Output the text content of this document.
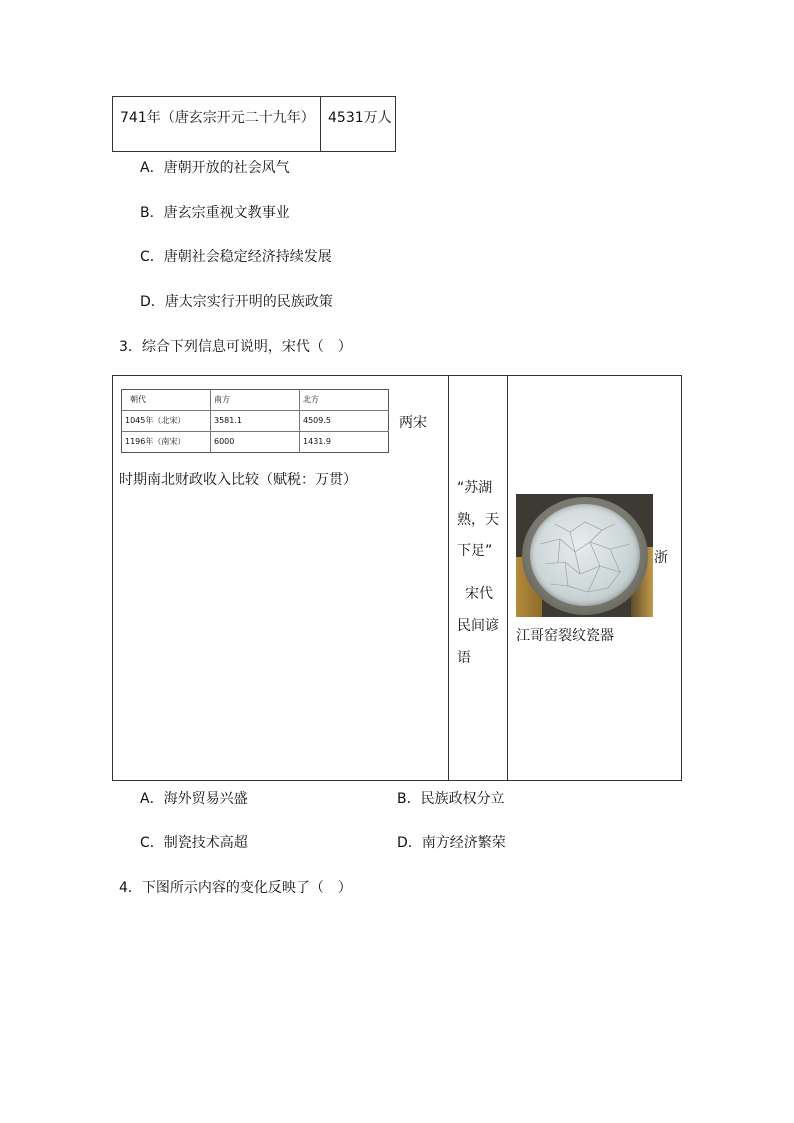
741年（唐玄宗开元二十九年） 4531万人
A．唐朝开放的社会风气
B．唐玄宗重视文教事业
C．唐朝社会稳定经济持续发展
D．唐太宗实行开明的民族政策
3．综合下列信息可说明，宋代（　）
朝代	南方	北方
1045年（北宋）	3581.1	4509.5
1196年（南宋）	6000	1431.9
两宋
时期南北财政收入比较（赋税：万贯）	“苏湖
熟，天
下足”
宋代
民间谚
语
浙
江哥窑裂纹瓷器
A．海外贸易兴盛	B．民族政权分立
C．制瓷技术高超	D．南方经济繁荣
4．下图所示内容的变化反映了（　）
